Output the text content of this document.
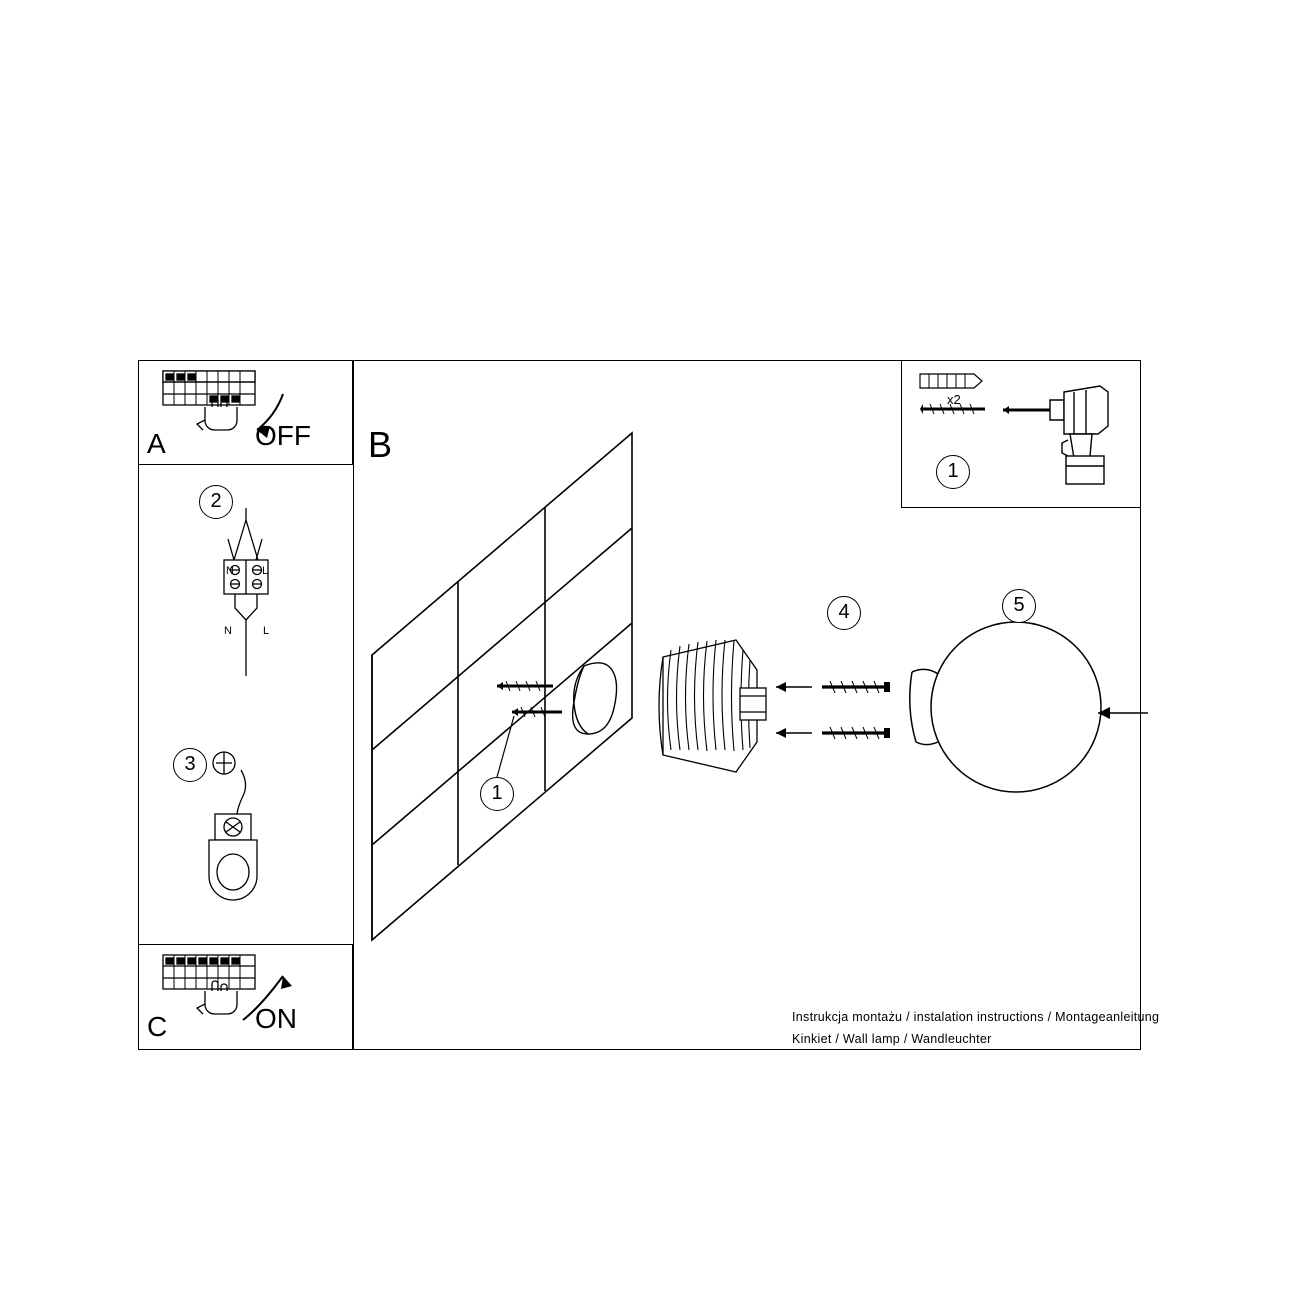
A	OFF B
C	ON
x2
N	L
N	L
2
3
1
1
4	5
Instrukcja montażu / instalation instructions / Montageanleitung
Kinkiet / Wall lamp / Wandleuchter
